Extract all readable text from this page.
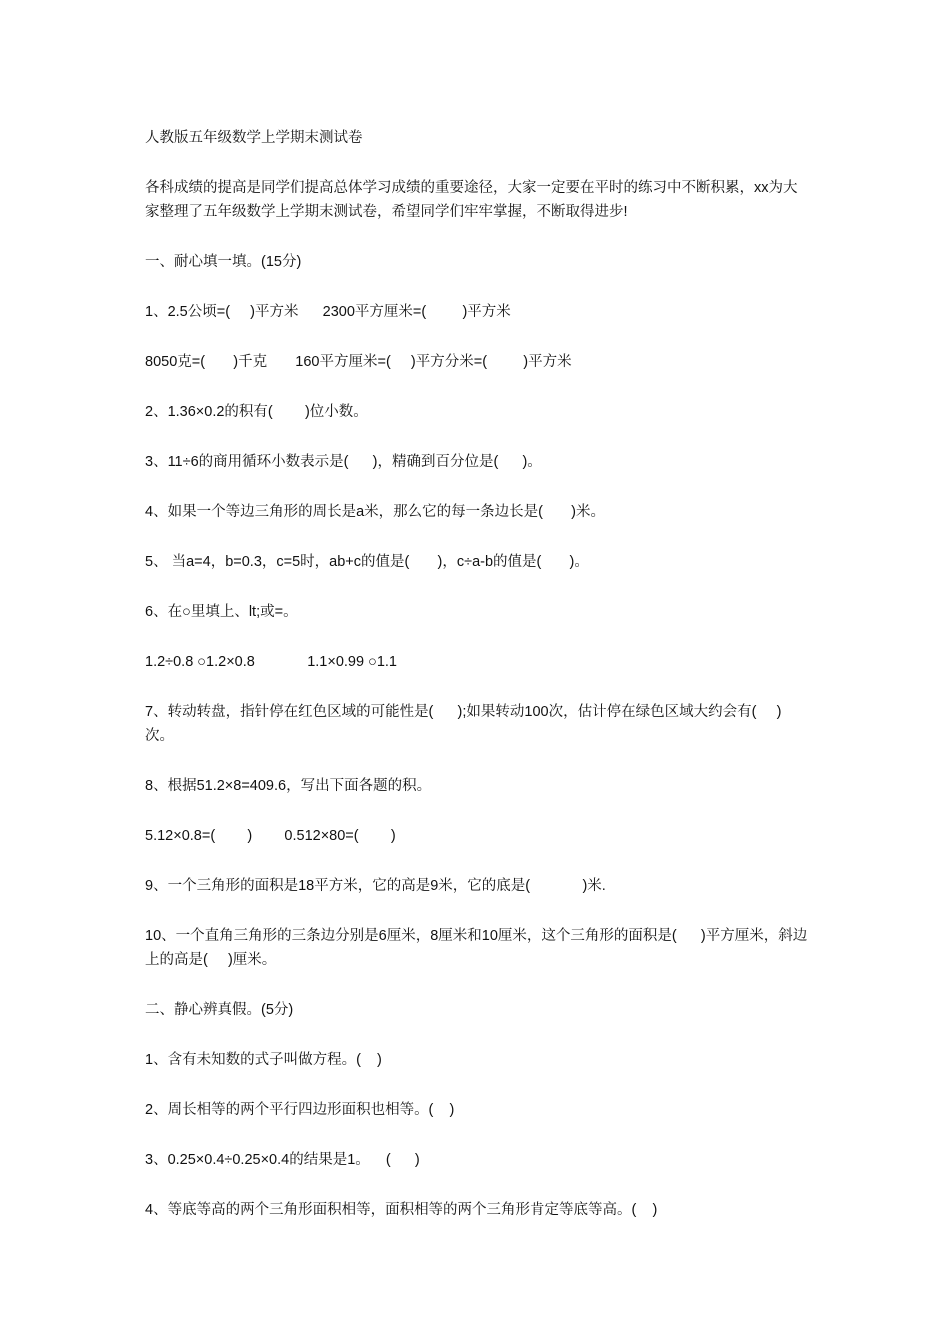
人教版五年级数学上学期末测试卷

各科成绩的提高是同学们提高总体学习成绩的重要途径，大家一定要在平时的练习中不断积累，xx为大家整理了五年级数学上学期末测试卷，希望同学们牢牢掌握，不断取得进步!

一、耐心填一填。(15分)

1、2.5公顷=(     )平方米      2300平方厘米=(         )平方米

8050克=(       )千克       160平方厘米=(     )平方分米=(         )平方米

2、1.36×0.2的积有(        )位小数。

3、11÷6的商用循环小数表示是(      )，精确到百分位是(      )。

4、如果一个等边三角形的周长是a米，那么它的每一条边长是(       )米。

5、 当a=4，b=0.3，c=5时，ab+c的值是(       )，c÷a-b的值是(       )。

6、在○里填上、lt;或=。

1.2÷0.8 ○1.2×0.8             1.1×0.99 ○1.1

7、转动转盘，指针停在红色区域的可能性是(      );如果转动100次，估计停在绿色区域大约会有(     )次。

8、根据51.2×8=409.6，写出下面各题的积。

5.12×0.8=(        )        0.512×80=(        )

9、一个三角形的面积是18平方米，它的高是9米，它的底是(             )米.

10、一个直角三角形的三条边分别是6厘米，8厘米和10厘米，这个三角形的面积是(      )平方厘米，斜边上的高是(     )厘米。

二、静心辨真假。(5分)

1、含有未知数的式子叫做方程。(    )

2、周长相等的两个平行四边形面积也相等。(    )

3、0.25×0.4÷0.25×0.4的结果是1。    (      )

4、等底等高的两个三角形面积相等，面积相等的两个三角形肯定等底等高。(    )
